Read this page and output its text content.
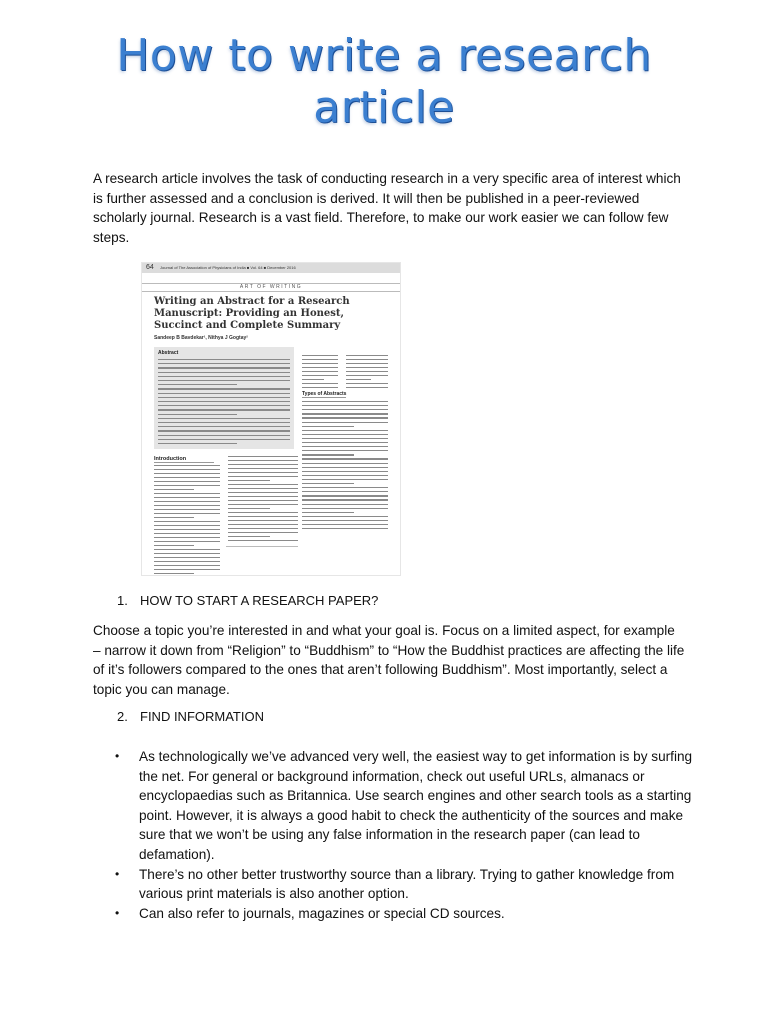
How to write a research
article

A research article involves the task of conducting research in a very specific area of interest which is further assessed and a conclusion is derived. It will then be published in a peer-reviewed scholarly journal. Research is a vast field. Therefore, to make our work easier we can follow few steps.

64 Journal of The Association of Physicians of India ■ Vol. 64 ■ December 2016
ART OF WRITING
Writing an Abstract for a Research Manuscript: Providing an Honest, Succinct and Complete Summary
Sandeep B Bavdekar¹, Nithya J Gogtay²
Abstract
Types of Abstracts
Introduction
1. HOW TO START A RESEARCH PAPER?

Choose a topic you’re interested in and what your goal is. Focus on a limited aspect, for example – narrow it down from “Religion” to “Buddhism” to “How the Buddhist practices are affecting the life of it’s followers compared to the ones that aren’t following Buddhism”. Most importantly, select a topic you can manage.

2. FIND INFORMATION
•	As technologically we’ve advanced very well, the easiest way to get information is by surfing the net. For general or background information, check out useful URLs, almanacs or encyclopaedias such as Britannica. Use search engines and other search tools as a starting point. However, it is always a good habit to check the authenticity of the sources and make sure that we won’t be using any false information in the research paper (can lead to defamation).
•	There’s no other better trustworthy source than a library. Trying to gather knowledge from various print materials is also another option.
•	Can also refer to journals, magazines or special CD sources.
